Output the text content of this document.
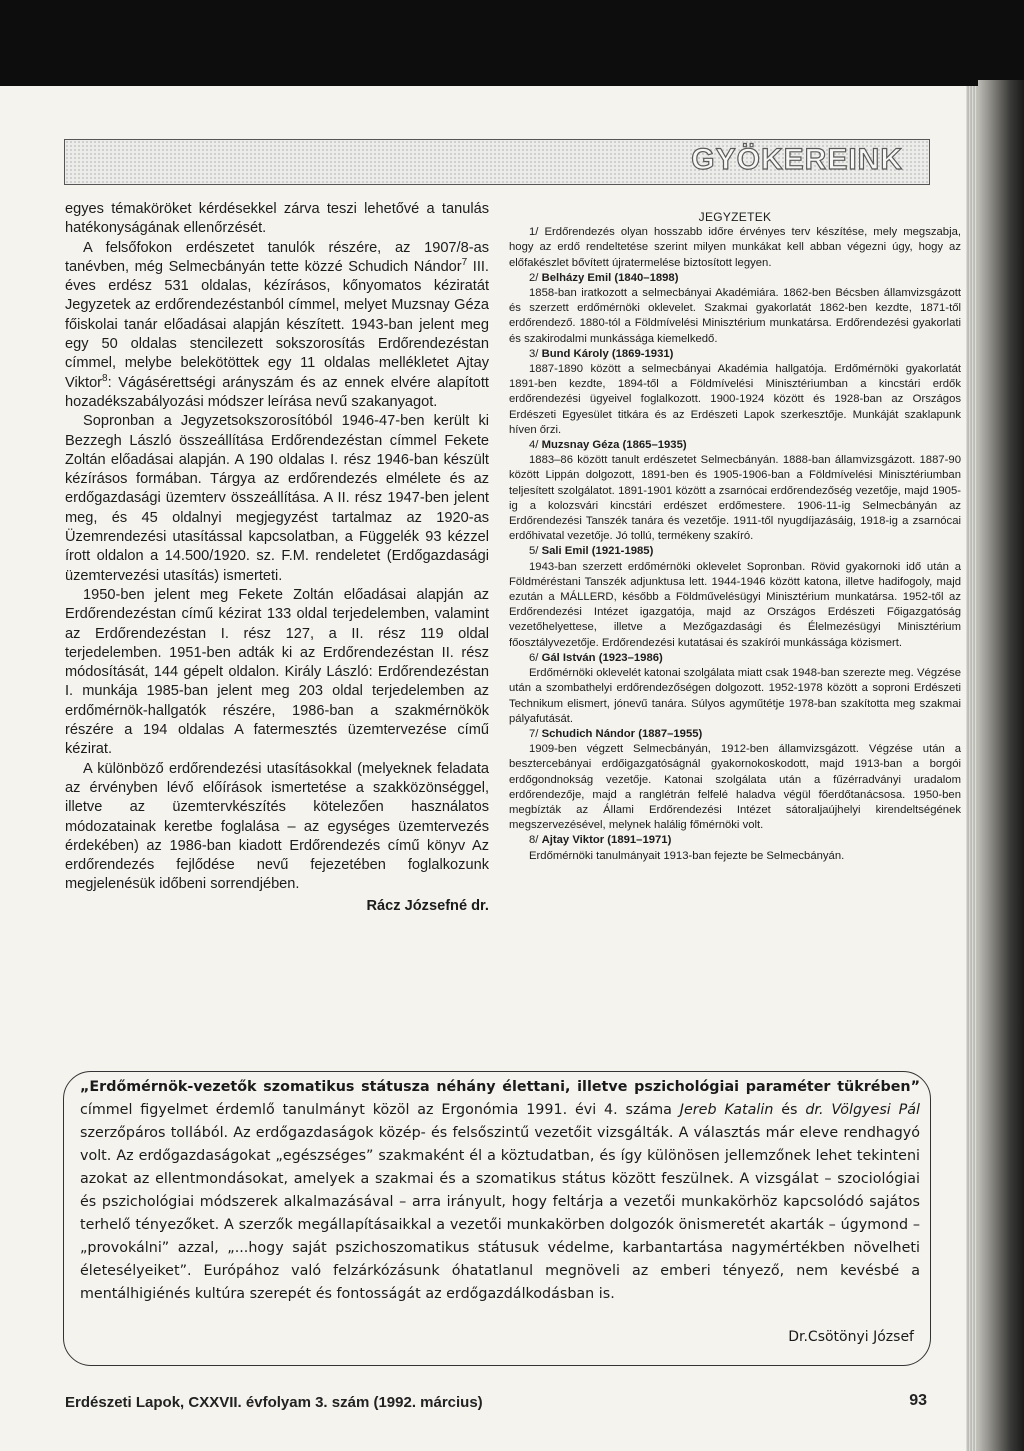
GYÖKEREINK

egyes témaköröket kérdésekkel zárva teszi lehetővé a tanulás hatékonyságának ellenőrzését.

A felsőfokon erdészetet tanulók részére, az 1907/8-as tanévben, még Selmecbányán tette közzé Schudich Nándor$^7$ III. éves erdész 531 oldalas, kézírásos, kőnyomatos kéziratát Jegyzetek az erdőrendezéstanból címmel, melyet Muzsnay Géza főiskolai tanár előadásai alapján készített. 1943-ban jelent meg egy 50 oldalas stencilezett sokszorosítás Erdőrendezéstan címmel, melybe belekötöttek egy 11 oldalas mellékletet Ajtay Viktor$^8$: Vágásérettségi arányszám és az ennek elvére alapított hozadékszabályozási módszer leírása nevű szakanyagot.

Sopronban a Jegyzetsokszorosítóból 1946-47-ben került ki Bezzegh László összeállítása Erdőrendezéstan címmel Fekete Zoltán előadásai alapján. A 190 oldalas I. rész 1946-ban készült kézírásos formában. Tárgya az erdőrendezés elmélete és az erdőgazdasági üzemterv összeállítása. A II. rész 1947-ben jelent meg, és 45 oldalnyi megjegyzést tartalmaz az 1920-as Üzemrendezési utasítással kapcsolatban, a Függelék 93 kézzel írott oldalon a 14.500/1920. sz. F.M. rendeletet (Erdőgazdasági üzemtervezési utasítás) ismerteti.

1950-ben jelent meg Fekete Zoltán előadásai alapján az Erdőrendezéstan című kézirat 133 oldal terjedelemben, valamint az Erdőrendezéstan I. rész 127, a II. rész 119 oldal terjedelemben. 1951-ben adták ki az Erdőrendezéstan II. rész módosítását, 144 gépelt oldalon. Király László: Erdőrendezéstan I. munkája 1985-ban jelent meg 203 oldal terjedelemben az erdőmérnök-hallgatók részére, 1986-ban a szakmérnökök részére a 194 oldalas A fatermesztés üzemtervezése című kézirat.

A különböző erdőrendezési utasításokkal (melyeknek feladata az érvényben lévő előírások ismertetése a szakközönséggel, illetve az üzemtervkészítés kötelezően használatos módozatainak keretbe foglalása – az egységes üzemtervezés érdekében) az 1986-ban kiadott Erdőrendezés című könyv Az erdőrendezés fejlődése nevű fejezetében foglalkozunk megjelenésük időbeni sorrendjében.

Rácz Józsefné dr.

JEGYZETEK

1/ Erdőrendezés olyan hosszabb időre érvényes terv készítése, mely megszabja, hogy az erdő rendeltetése szerint milyen munkákat kell abban végezni úgy, hogy az előfakészlet bővített újratermelése biztosított legyen.

2/ Belházy Emil (1840–1898)

1858-ban iratkozott a selmecbányai Akadémiára. 1862-ben Bécsben államvizsgázott és szerzett erdőmérnöki oklevelet. Szakmai gyakorlatát 1862-ben kezdte, 1871-től erdőrendező. 1880-tól a Földmívelési Minisztérium munkatársa. Erdőrendezési gyakorlati és szakirodalmi munkássága kiemelkedő.

3/ Bund Károly (1869-1931)

1887-1890 között a selmecbányai Akadémia hallgatója. Erdőmérnöki gyakorlatát 1891-ben kezdte, 1894-től a Földmívelési Minisztériumban a kincstári erdők erdőrendezési ügyeivel foglalkozott. 1900-1924 között és 1928-ban az Országos Erdészeti Egyesület titkára és az Erdészeti Lapok szerkesztője. Munkáját szaklapunk híven őrzi.

4/ Muzsnay Géza (1865–1935)

1883–86 között tanult erdészetet Selmecbányán. 1888-ban államvizsgázott. 1887-90 között Lippán dolgozott, 1891-ben és 1905-1906-ban a Földmívelési Minisztériumban teljesített szolgálatot. 1891-1901 között a zsarnócai erdőrendezőség vezetője, majd 1905-ig a kolozsvári kincstári erdészet erdőmestere. 1906-11-ig Selmecbányán az Erdőrendezési Tanszék tanára és vezetője. 1911-től nyugdíjazásáig, 1918-ig a zsarnócai erdőhivatal vezetője. Jó tollú, termékeny szakíró.

5/ Sali Emil (1921-1985)

1943-ban szerzett erdőmérnöki oklevelet Sopronban. Rövid gyakornoki idő után a Földméréstani Tanszék adjunktusa lett. 1944-1946 között katona, illetve hadifogoly, majd ezután a MÁLLERD, később a Földművelésügyi Minisztérium munkatársa. 1952-től az Erdőrendezési Intézet igazgatója, majd az Országos Erdészeti Főigazgatóság vezetőhelyettese, illetve a Mezőgazdasági és Élelmezésügyi Minisztérium főosztályvezetője. Erdőrendezési kutatásai és szakírói munkássága közismert.

6/ Gál István (1923–1986)

Erdőmérnöki oklevelét katonai szolgálata miatt csak 1948-ban szerezte meg. Végzése után a szombathelyi erdőrendezőségen dolgozott. 1952-1978 között a soproni Erdészeti Technikum elismert, jónevű tanára. Súlyos agyműtétje 1978-ban szakította meg szakmai pályafutását.

7/ Schudich Nándor (1887–1955)

1909-ben végzett Selmecbányán, 1912-ben államvizsgázott. Végzése után a besztercebányai erdőigazgatóságnál gyakornokoskodott, majd 1913-ban a borgói erdőgondnokság vezetője. Katonai szolgálata után a fűzérradványi uradalom erdőrendezője, majd a ranglétrán felfelé haladva végül főerdőtanácsosa. 1950-ben megbízták az Állami Erdőrendezési Intézet sátoraljaújhelyi kirendeltségének megszervezésével, melynek halálig főmérnöki volt.

8/ Ajtay Viktor (1891–1971)

Erdőmérnöki tanulmányait 1913-ban fejezte be Selmecbányán.

„Erdőmérnök-vezetők szomatikus státusza néhány élettani, illetve pszichológiai paraméter tükrében” címmel figyelmet érdemlő tanulmányt közöl az Ergonómia 1991. évi 4. száma Jereb Katalin és dr. Völgyesi Pál szerzőpáros tollából. Az erdőgazdaságok közép- és felsőszintű vezetőit vizsgálták. A választás már eleve rendhagyó volt. Az erdőgazdaságokat „egészséges” szakmaként él a köztudatban, és így különösen jellemzőnek lehet tekinteni azokat az ellentmondásokat, amelyek a szakmai és a szomatikus státus között feszülnek. A vizsgálat – szociológiai és pszichológiai módszerek alkalmazásával – arra irányult, hogy feltárja a vezetői munkakörhöz kapcsolódó sajátos terhelő tényezőket. A szerzők megállapításaikkal a vezetői munkakörben dolgozók önismeretét akarták – úgymond – „provokálni” azzal, „...hogy saját pszichoszomatikus státusuk védelme, karbantartása nagymértékben növelheti életesélyeiket”. Európához való felzárkózásunk óhatatlanul megnöveli az emberi tényező, nem kevésbé a mentálhigiénés kultúra szerepét és fontosságát az erdőgazdálkodásban is.
Dr.Csötönyi József
Erdészeti Lapok, CXXVII. évfolyam 3. szám (1992. március)	93
